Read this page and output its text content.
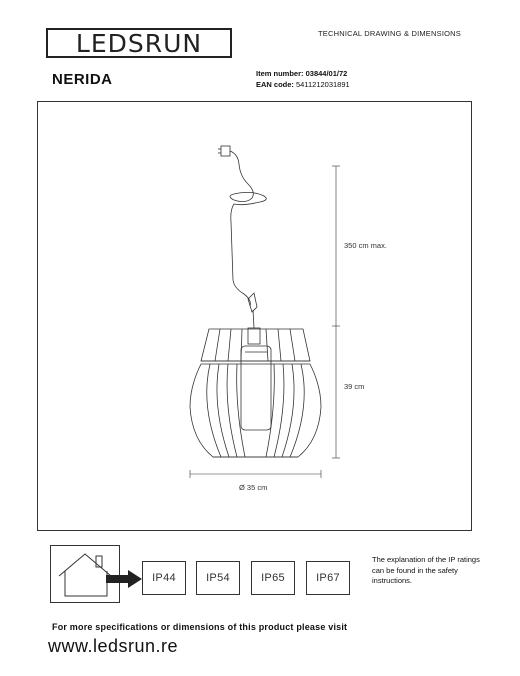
LEDSRUN	TECHNICAL DRAWING & DIMENSIONS
NERIDA	Item number: 03844/01/72
EAN code: 5411212031891
350 cm max.
39 cm
Ø 35 cm
IP44	IP54	IP65	IP67
The explanation of the IP ratings can be found in the safety instructions.
For more specifications or dimensions of this product please visit
www.ledsrun.re
